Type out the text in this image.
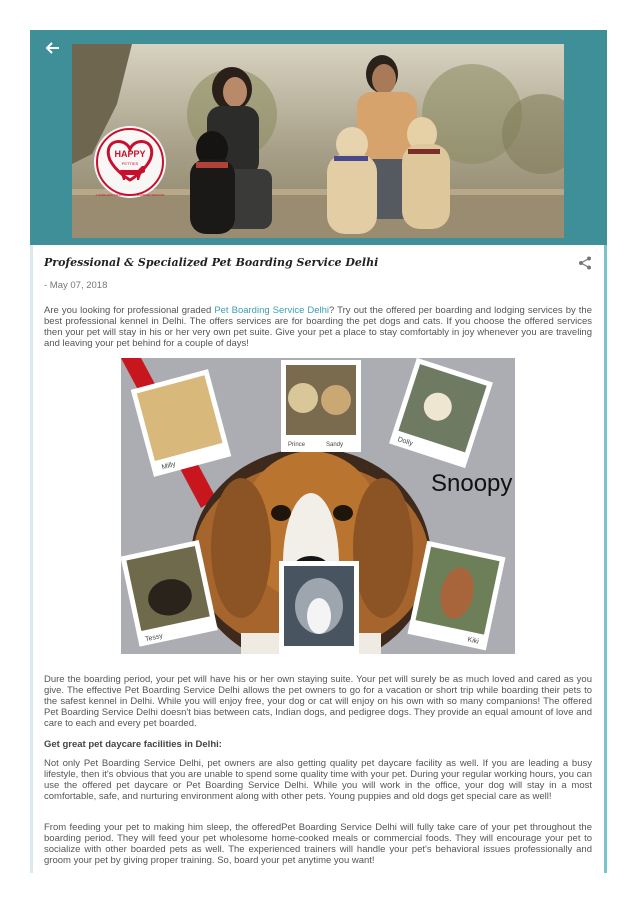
HAPPY
PETTIES
A HOME AWAY FROM HOME PET BOARDING SERVICES
Professional & Specialized Pet Boarding Service Delhi
- May 07, 2018

Are you looking for professional graded Pet Boarding Service Delhi? Try out the offered per boarding and lodging services by the best professional kennel in Delhi. The offers services are for boarding the pet dogs and cats. If you choose the offered services then your pet will stay in his or her very own pet suite. Give your pet a place to stay comfortably in joy whenever you are traveling and leaving your pet behind for a couple of days!

Snoopy
Milly
Prince	Sandy	Dolly
Tessy	Kiki

Dure the boarding period, your pet will have his or her own staying suite. Your pet will surely be as much loved and cared as you give. The effective Pet Boarding Service Delhi allows the pet owners to go for a vacation or short trip while boarding their pets to the safest kennel in Delhi. While you will enjoy free, your dog or cat will enjoy on his own with so many companions! The offered Pet Boarding Service Delhi doesn't bias between cats, Indian dogs, and pedigree dogs. They provide an equal amount of love and care to each and every pet boarded.

Get great pet daycare facilities in Delhi:

Not only Pet Boarding Service Delhi, pet owners are also getting quality pet daycare facility as well. If you are leading a busy lifestyle, then it's obvious that you are unable to spend some quality time with your pet. During your regular working hours, you can use the offered pet daycare or Pet Boarding Service Delhi. While you will work in the office, your dog will stay in a most comfortable, safe, and nurturing environment along with other pets. Young puppies and old dogs get special care as well!

From feeding your pet to making him sleep, the offeredPet Boarding Service Delhi will fully take care of your pet throughout the boarding period. They will feed your pet wholesome home-cooked meals or commercial foods. They will encourage your pet to socialize with other boarded pets as well. The experienced trainers will handle your pet's behavioral issues professionally and groom your pet by giving proper training. So, board your pet anytime you want!
